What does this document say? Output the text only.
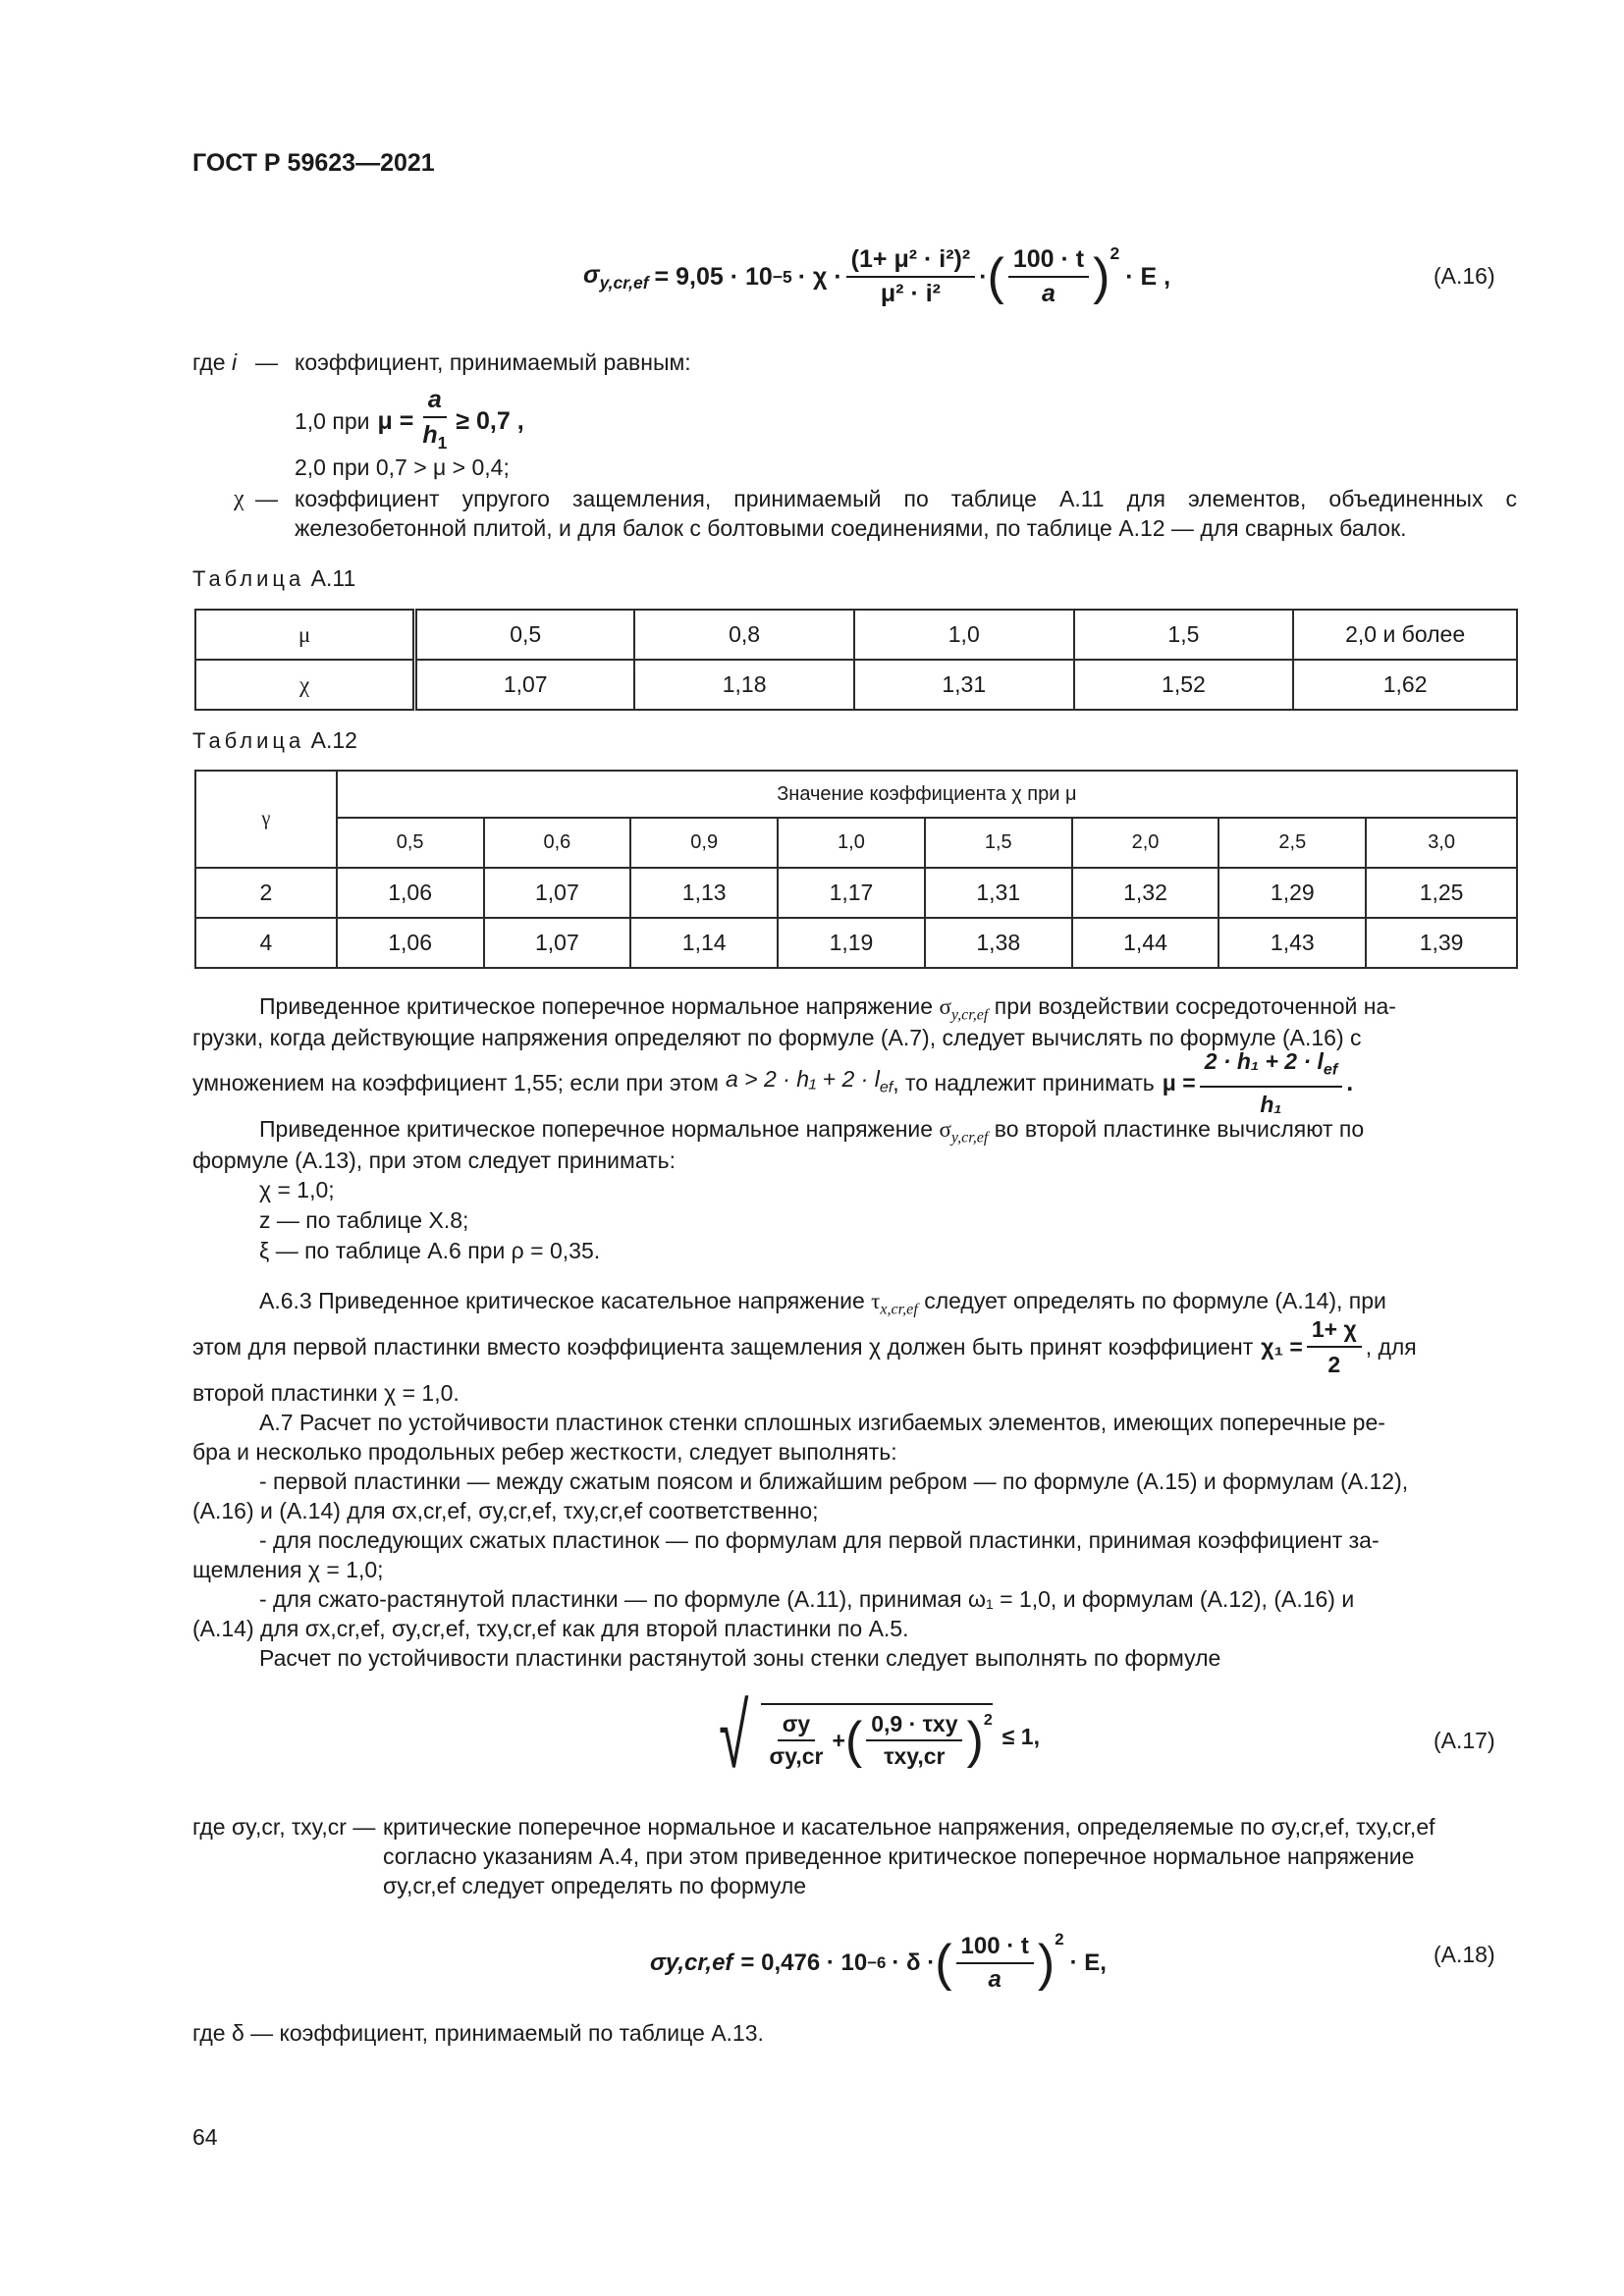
ГОСТ Р 59623—2021
$\sigma_{y,cr,ef} = 9,05 \cdot 10 -5 \cdot \chi \cdot \frac{\text{(1+ μ² · i²)²}}{\text{μ² · i²}}$ · ( $\frac{100 \cdot t}{a} )^2$
· E ,	(А.16)
где i — коэффициент, принимаемый равным:
1,0 при $\mu = \frac{a}{h_1} \ge 0,7$ ,
2,0 при 0,7 > μ > 0,4;
χ — коэффициент упругого защемления, принимаемый по таблице А.11 для элементов, объединенных с железобетонной плитой, и для балок с болтовыми соединениями, по таблице А.12 — для сварных балок.
Таблица А.11
μ	0,5	0,8	1,0	1,5	2,0 и более
χ	1,07	1,18	1,31	1,52	1,62
Таблица А.12
γ	Значение коэффициента χ при μ							
	0,5	0,6	0,9	1,0	1,5	2,0	2,5	3,0
2	1,06	1,07	1,13	1,17	1,31	1,32	1,29	1,25
4	1,06	1,07	1,14	1,19	1,38	1,44	1,43	1,39
Приведенное критическое поперечное нормальное напряжение $\sigma_{y,cr,ef}$ при воздействии сосредоточенной на-
грузки, когда действующие напряжения определяют по формуле (А.7), следует вычислять по формуле (А.16) с
умножением на коэффициент 1,55; если при этом $a > 2 \cdot h_1 + 2 \cdot l_{ef}$ , то надлежит принимать $\mu = \frac{2 \cdot h_1 + 2 \cdot l_{ef}}{\text{h₁}}$ .
Приведенное критическое поперечное нормальное напряжение $\sigma_{y,cr,ef}$ во второй пластинке вычисляют по
формуле (А.13), при этом следует принимать:
χ = 1,0;
z — по таблице Х.8;
ξ — по таблице А.6 при ρ = 0,35.
А.6.3 Приведенное критическое касательное напряжение $\tau_{x,cr,ef}$ следует определять по формуле (А.14), при
этом для первой пластинки вместо коэффициента защемления χ должен быть принят коэффициент $\chi_1 = \frac{1+ \chi}{2}$ , для
второй пластинки χ = 1,0.
А.7 Расчет по устойчивости пластинок стенки сплошных изгибаемых элементов, имеющих поперечные ре-
бра и несколько продольных ребер жесткости, следует выполнять:
- первой пластинки — между сжатым поясом и ближайшим ребром — по формуле (А.15) и формулам (А.12),
(А.16) и (А.14) для σx,cr,ef, σy,cr,ef, τxy,cr,ef соответственно;
- для последующих сжатых пластинок — по формулам для первой пластинки, принимая коэффициент за-
щемления χ = 1,0;
- для сжато-растянутой пластинки — по формуле (А.11), принимая ω₁ = 1,0, и формулам (А.12), (А.16) и
(А.14) для σx,cr,ef, σy,cr,ef, τxy,cr,ef как для второй пластинки по А.5.
Расчет по устойчивости пластинки растянутой зоны стенки следует выполнять по формуле
√ $\frac{\sigma y}{\sigma y,cr}$ + ( $\frac{\text{0,9 · τxy}}{\text{τxy,cr}} )^2$
≤ 1,	(А.17)
где σy,cr, τxy,cr — критические поперечное нормальное и касательное напряжения, определяемые по σy,cr,ef, τxy,cr,ef
согласно указаниям А.4, при этом приведенное критическое поперечное нормальное напряжение
σy,cr,ef следует определять по формуле
σy,cr,ef = 0,476 · 10 −6 · δ · ( $\frac{100 \cdot t}{a} )^2$
· E,	(А.18)
где δ — коэффициент, принимаемый по таблице А.13.
64
